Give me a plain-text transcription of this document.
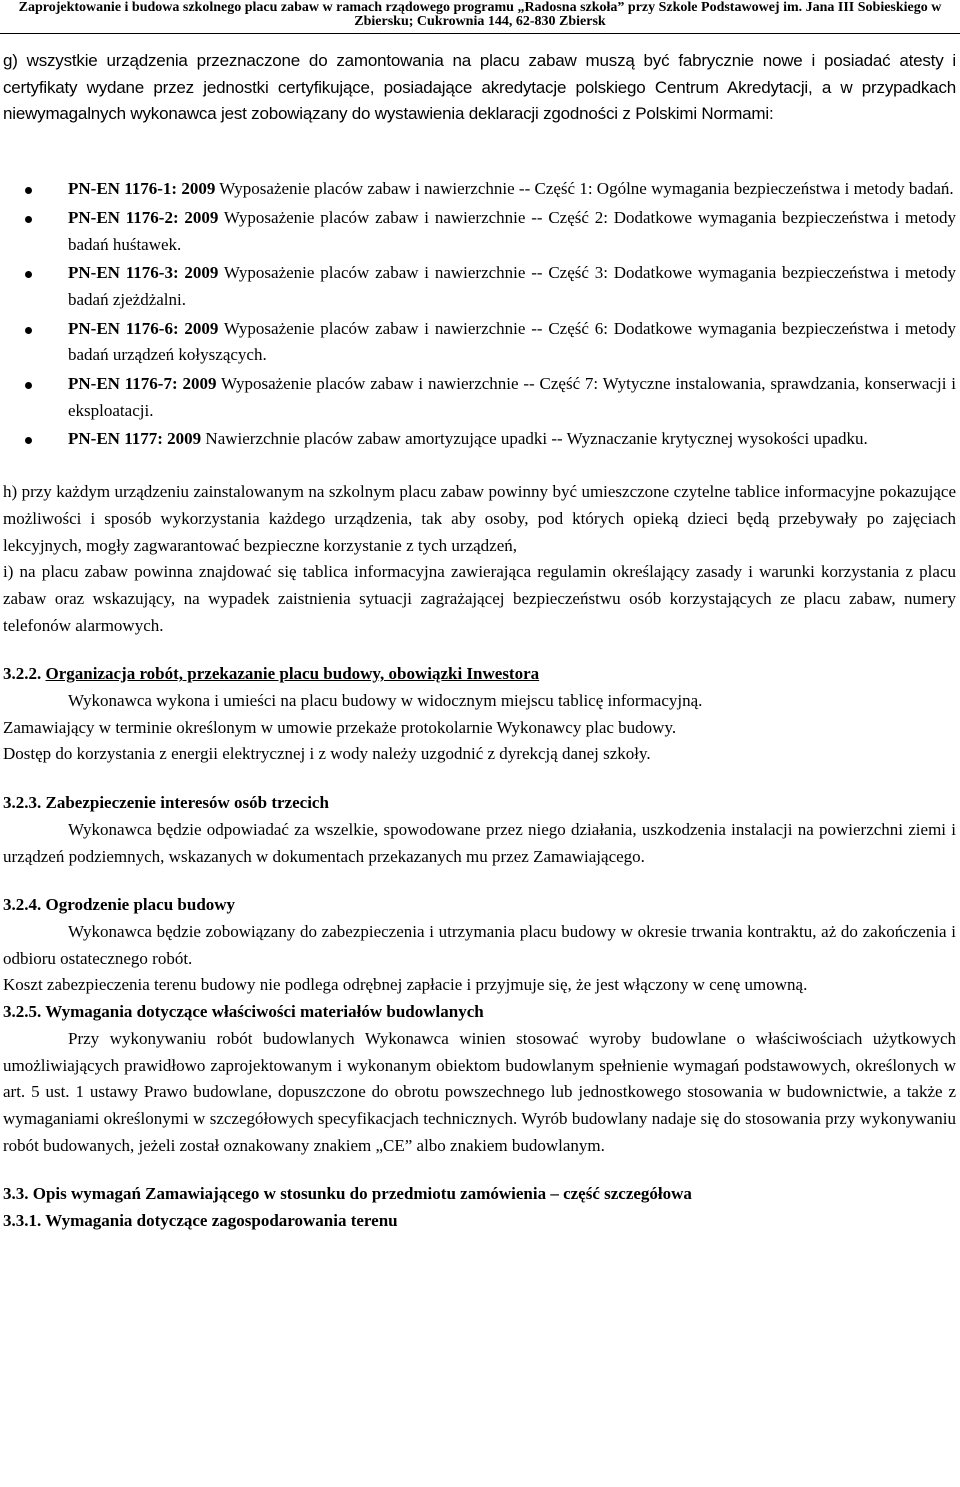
Zaprojektowanie i budowa szkolnego placu zabaw w ramach rządowego programu „Radosna szkoła” przy Szkole Podstawowej im. Jana III Sobieskiego w
Zbiersku; Cukrownia 144, 62-830 Zbiersk

g) wszystkie urządzenia przeznaczone do zamontowania na placu zabaw muszą być fabrycznie nowe i posiadać atesty i certyfikaty wydane przez jednostki certyfikujące, posiadające akredytacje polskiego Centrum Akredytacji, a w przypadkach niewymagalnych wykonawca jest zobowiązany do wystawienia deklaracji zgodności z Polskimi Normami:

PN-EN 1176-1: 2009 Wyposażenie placów zabaw i nawierzchnie -- Część 1: Ogólne wymagania bezpieczeństwa i metody badań.
PN-EN 1176-2: 2009 Wyposażenie placów zabaw i nawierzchnie -- Część 2: Dodatkowe wymagania bezpieczeństwa i metody badań huśtawek.
PN-EN 1176-3: 2009 Wyposażenie placów zabaw i nawierzchnie -- Część 3: Dodatkowe wymagania bezpieczeństwa i metody badań zjeżdżalni.
PN-EN 1176-6: 2009 Wyposażenie placów zabaw i nawierzchnie -- Część 6: Dodatkowe wymagania bezpieczeństwa i metody badań urządzeń kołyszących.
PN-EN 1176-7: 2009 Wyposażenie placów zabaw i nawierzchnie -- Część 7: Wytyczne instalowania, sprawdzania, konserwacji i eksploatacji.
PN-EN 1177: 2009 Nawierzchnie placów zabaw amortyzujące upadki -- Wyznaczanie krytycznej wysokości upadku.

h) przy każdym urządzeniu zainstalowanym na szkolnym placu zabaw powinny być umieszczone czytelne tablice informacyjne pokazujące możliwości i sposób wykorzystania każdego urządzenia, tak aby osoby, pod których opieką dzieci będą przebywały po zajęciach lekcyjnych, mogły zagwarantować bezpieczne korzystanie z tych urządzeń,

i) na placu zabaw powinna znajdować się tablica informacyjna zawierająca regulamin określający zasady i warunki korzystania z placu zabaw oraz wskazujący, na wypadek zaistnienia sytuacji zagrażającej bezpieczeństwu osób korzystających ze placu zabaw, numery telefonów alarmowych.

3.2.2. Organizacja robót, przekazanie placu budowy, obowiązki Inwestora

Wykonawca wykona i umieści na placu budowy w widocznym miejscu tablicę informacyjną.

Zamawiający w terminie określonym w umowie przekaże protokolarnie Wykonawcy plac budowy.

Dostęp do korzystania z energii elektrycznej i z wody należy uzgodnić z dyrekcją danej szkoły.

3.2.3. Zabezpieczenie interesów osób trzecich

Wykonawca będzie odpowiadać za wszelkie, spowodowane przez niego działania, uszkodzenia instalacji na powierzchni ziemi i urządzeń podziemnych, wskazanych w dokumentach przekazanych mu przez Zamawiającego.

3.2.4. Ogrodzenie placu budowy

Wykonawca będzie zobowiązany do zabezpieczenia i utrzymania placu budowy w okresie trwania kontraktu, aż do zakończenia i odbioru ostatecznego robót.

Koszt zabezpieczenia terenu budowy nie podlega odrębnej zapłacie i przyjmuje się, że jest włączony w cenę umowną.

3.2.5. Wymagania dotyczące właściwości materiałów budowlanych

Przy wykonywaniu robót budowlanych Wykonawca winien stosować wyroby budowlane o właściwościach użytkowych umożliwiających prawidłowo zaprojektowanym i wykonanym obiektom budowlanym spełnienie wymagań podstawowych, określonych w art. 5 ust. 1 ustawy Prawo budowlane, dopuszczone do obrotu powszechnego lub jednostkowego stosowania w budownictwie, a także z wymaganiami określonymi w szczegółowych specyfikacjach technicznych. Wyrób budowlany nadaje się do stosowania przy wykonywaniu robót budowanych, jeżeli został oznakowany znakiem „CE” albo znakiem budowlanym.

3.3. Opis wymagań Zamawiającego w stosunku do przedmiotu zamówienia – część szczegółowa

3.3.1. Wymagania dotyczące zagospodarowania terenu
